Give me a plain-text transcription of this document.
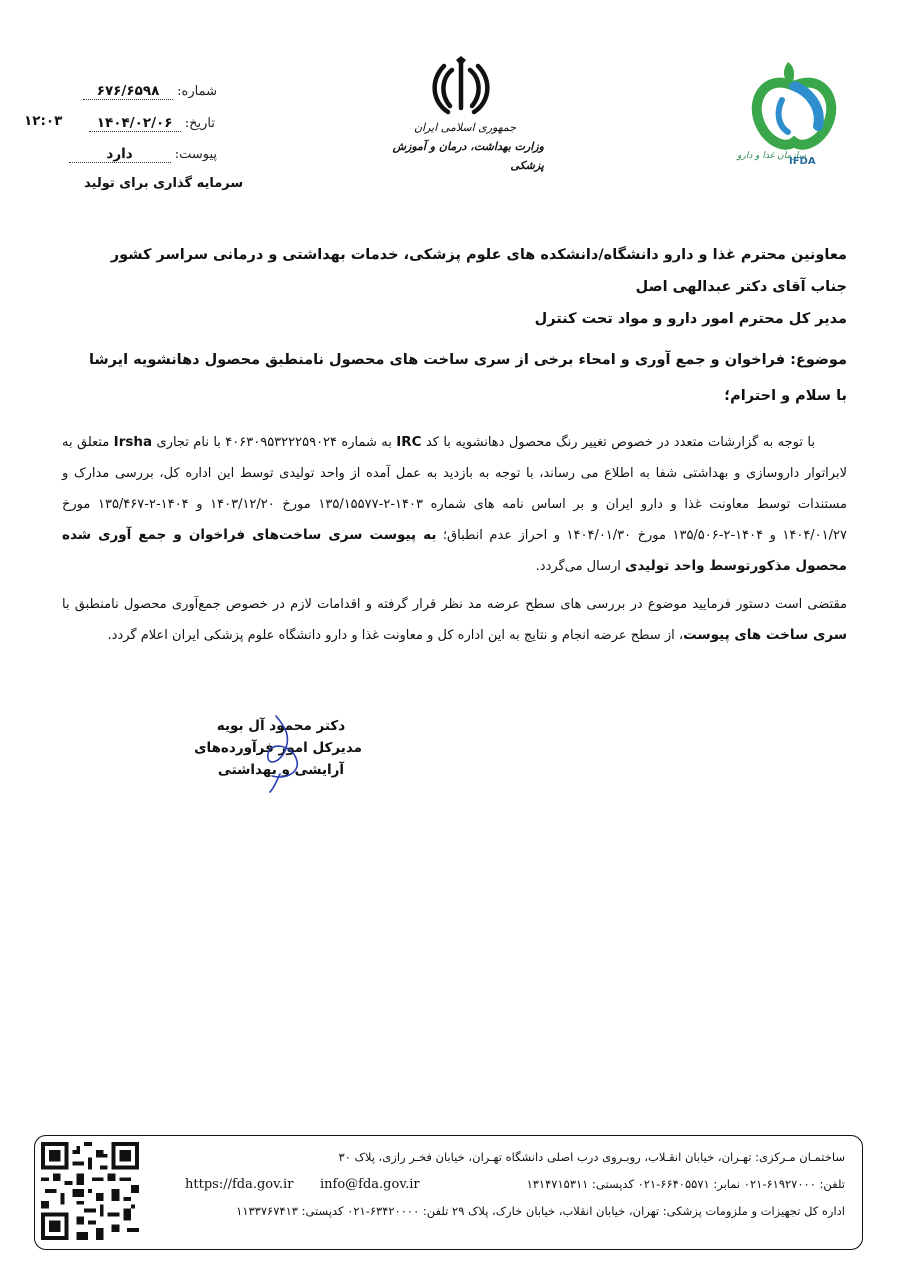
شماره: ۶۷۶/۶۵۹۸
تاریخ: ۱۴۰۴/۰۲/۰۶
۱۲:۰۳
پیوست: دارد
سرمایه گذاری برای تولید
جمهوری اسلامی ایران
وزارت بهداشت، درمان و آموزش پزشکی
سازمان غذا و دارو
IFDA
معاونین محترم غذا و دارو دانشگاه/دانشکده های علوم پزشکی، خدمات بهداشتی و درمانی سراسر کشور
جناب آقای دکتر عبدالهی اصل
مدیر کل محترم امور دارو و مواد تحت کنترل
موضوع: فراخوان و جمع آوری و امحاء برخی از سری ساخت های محصول نامنطبق محصول دهانشویه ایرشا
با سلام و احترام؛
با توجه به گزارشات متعدد در خصوص تغییر رنگ محصول دهانشویه با کد IRC به شماره ۴۰۶۳۰۹۵۳۲۲۲۵۹۰۲۴ با نام تجاری Irsha متعلق به لابراتوار داروسازی و بهداشتی شفا به اطلاع می رساند، با توجه به بازدید به عمل آمده از واحد تولیدی توسط این اداره کل، بررسی مدارک و مستندات توسط معاونت غذا و دارو ایران و بر اساس نامه های شماره ۱۴۰۳-۲-۱۳۵/۱۵۵۷۷ مورخ ۱۴۰۳/۱۲/۲۰ و ۱۴۰۴-۲-۱۳۵/۴۶۷ مورخ ۱۴۰۴/۰۱/۲۷ و ۱۴۰۴-۲-۱۳۵/۵۰۶ مورخ ۱۴۰۴/۰۱/۳۰ و احراز عدم انطباق؛ به پیوست سری ساخت‌های فراخوان و جمع آوری شده محصول مذکورتوسط واحد تولیدی ارسال می‌گردد.
مقتضی است دستور فرمایید موضوع در بررسی های سطح عرضه مد نظر قرار گرفته و اقدامات لازم در خصوص جمع‌آوری محصول نامنطبق با سری ساخت های پیوست، از سطح عرضه انجام و نتایج به این اداره کل و معاونت غذا و دارو دانشگاه علوم پزشکی ایران اعلام گردد.
دکتر محمود آل بویه
مدیرکل امور فرآورده‌های
آرایشی و بهداشتی
ساختمـان مـرکزی: تهـران، خیابان انقـلاب، روبـروی درب اصلی دانشگاه تهـران، خیابان فخـر رازی، پلاک ۳۰
تلفن: ۶۱۹۲۷۰۰۰-۰۲۱ نمابر: ۶۶۴۰۵۵۷۱-۰۲۱ کدپستی: ۱۳۱۴۷۱۵۳۱۱
info@fda.gov.ir
https://fda.gov.ir
اداره کل تجهیزات و ملزومات پزشکی: تهران، خیابان انقلاب، خیابان خارک، پلاک ۲۹ تلفن: ۶۳۴۲۰۰۰۰-۰۲۱ کدپستی: ۱۱۳۳۷۶۷۴۱۳
